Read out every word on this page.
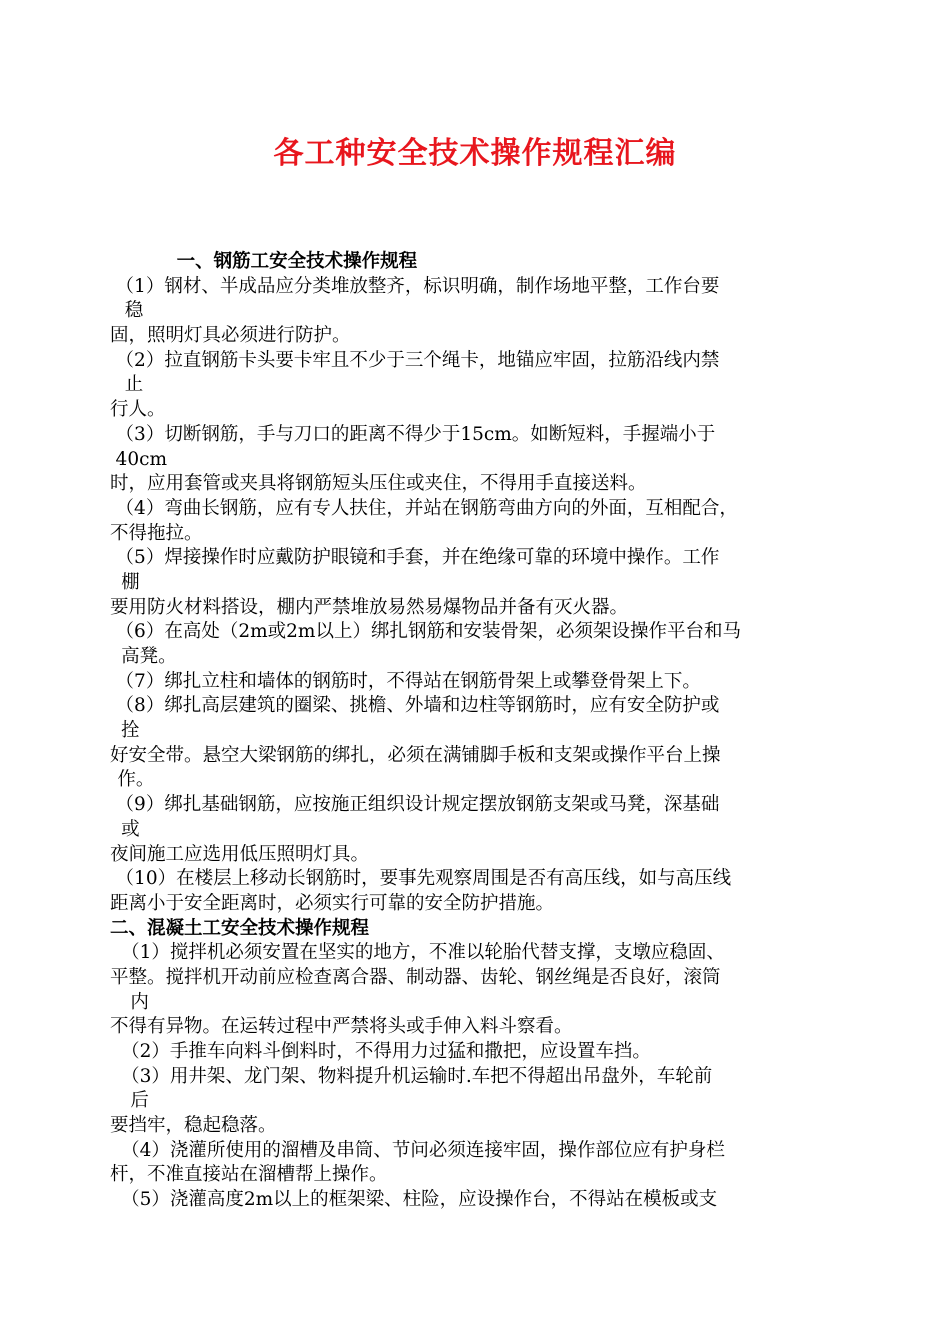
各工种安全技术操作规程汇编
一、钢筋工安全技术操作规程
（1）钢材、半成品应分类堆放整齐，标识明确，制作场地平整，工作台要
稳
固，照明灯具必须进行防护。
（2）拉直钢筋卡头要卡牢且不少于三个绳卡，地锚应牢固，拉筋沿线内禁
止
行人。
（3）切断钢筋，手与刀口的距离不得少于15cm。如断短料，手握端小于
40cm
时，应用套管或夹具将钢筋短头压住或夹住，不得用手直接送料。
（4）弯曲长钢筋，应有专人扶住，并站在钢筋弯曲方向的外面，互相配合，
不得拖拉。
（5）焊接操作时应戴防护眼镜和手套，并在绝缘可靠的环境中操作。工作
棚
要用防火材料搭设，棚内严禁堆放易然易爆物品并备有灭火器。
（6）在高处（2m或2m以上）绑扎钢筋和安装骨架，必须架设操作平台和马
高凳。
（7）绑扎立柱和墙体的钢筋时，不得站在钢筋骨架上或攀登骨架上下。
（8）绑扎高层建筑的圈梁、挑檐、外墙和边柱等钢筋时，应有安全防护或
拴
好安全带。悬空大梁钢筋的绑扎，必须在满铺脚手板和支架或操作平台上操
作。
（9）绑扎基础钢筋，应按施正组织设计规定摆放钢筋支架或马凳，深基础
或
夜间施工应选用低压照明灯具。
（10）在楼层上移动长钢筋时，要事先观察周围是否有高压线，如与高压线
距离小于安全距离时，必须实行可靠的安全防护措施。
二、混凝土工安全技术操作规程
（1）搅拌机必须安置在坚实的地方，不准以轮胎代替支撑，支墩应稳固、
平整。搅拌机开动前应检查离合器、制动器、齿轮、钢丝绳是否良好，滚筒
内
不得有异物。在运转过程中严禁将头或手伸入料斗察看。
（2）手推车向料斗倒料时，不得用力过猛和撒把，应设置车挡。
（3）用井架、龙门架、物料提升机运输时.车把不得超出吊盘外，车轮前
后
要挡牢，稳起稳落。
（4）浇灌所使用的溜槽及串筒、节问必须连接牢固，操作部位应有护身栏
杆，不准直接站在溜槽帮上操作。
（5）浇灌高度2m以上的框架梁、柱险，应设操作台，不得站在模板或支
